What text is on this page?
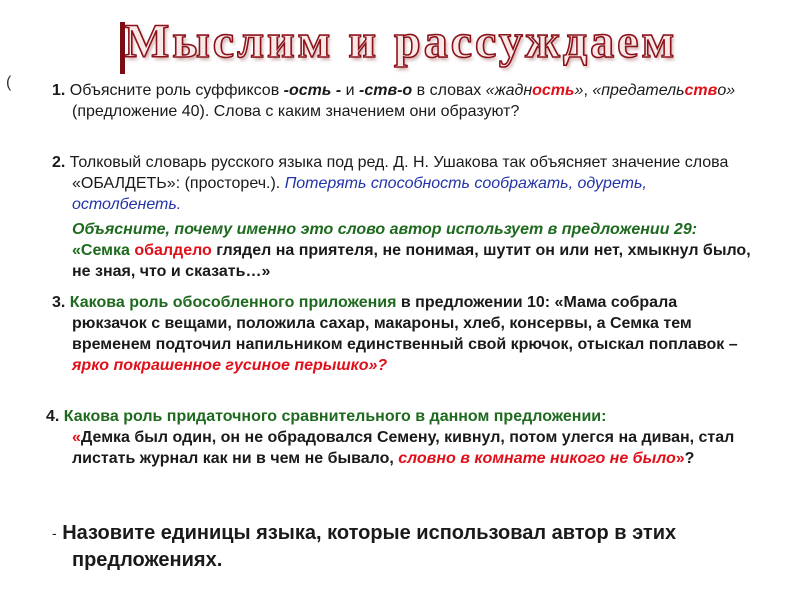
Мыслим и рассуждаем
(	1. Объясните роль суффиксов -ость - и -ств-о в словах «жадность», «предательство» (предложение 40). Слова с каким значением они образуют?
2. Толковый словарь русского языка под ред. Д. Н. Ушакова так объясняет значение слова «ОБАЛДЕТЬ»: (простореч.). Потерять способность соображать, одуреть, остолбенеть.
Объясните, почему именно это слово автор использует в предложении 29: «Семка обалдело глядел на приятеля, не понимая, шутит он или нет, хмыкнул было, не зная, что и сказать…»
3. Какова роль обособленного приложения в предложении 10: «Мама собрала рюкзачок с вещами, положила сахар, макароны, хлеб, консервы, а Семка тем временем подточил напильником единственный свой крючок, отыскал поплавок – ярко покрашенное гусиное перышко»?
4. Какова роль придаточного сравнительного в данном предложении:
«Демка был один, он не обрадовался Семену, кивнул, потом улегся на диван, стал листать журнал как ни в чем не бывало, словно в комнате никого не было»?
- Назовите единицы языка, которые использовал автор в этих предложениях.
